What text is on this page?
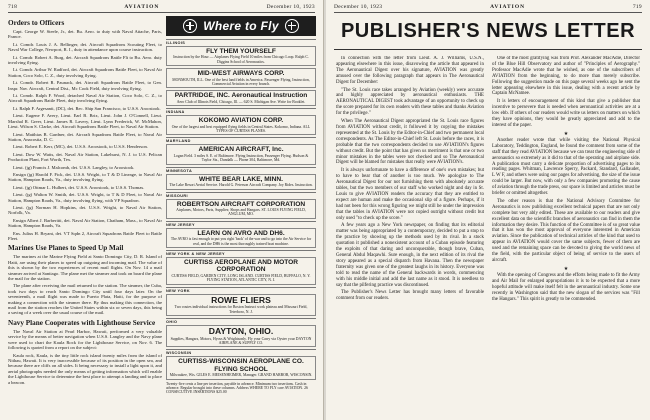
718	AVIATION	December 10, 1923
Orders to Officers

Capt. George W. Steele, Jr., det. Bu. Aero. to duty with Naval Attache, Paris, France.

Lt. Comdr. Louis J. A. Bellinger, det. Aircraft Squadrons Scouting Fleet, to Naval War College, Newport, R. I., duty in attendance upon course instruction.

Lt. Comdr. Robert A. Burg, det. Aircraft Squadrons Battle Flt to Bu. Aero. duty involving flying.

Lt. Comdr. Arthur W. Radford, det. Aircraft Squadrons Battle Fleet, to Naval Air Station, Coco Solo, C. Z., duty involving flying.

Lt. Comdr. Robert R. Paunack, det. Aircraft Squadrons Battle Fleet, to Gen. Inspr. Nav. Aircraft, Central Dist., Mc Cook Field, duty involving flying.

Lt. Comdr. Ralph F. Wood, detached Naval Air Station, Coco Solo, C. Z., to Aircraft Squadrons Battle Fleet, duty involving flying.

Lt. Ralph F. Argesanti, (DC), det. Rec. Ship San Francisco, to U.S.S. Aroostook.

Lieut. Eugene F. Avery, Lieut. Earl B. Brix, Lieut. John J. O'Connell, Lieut. Marshal R. Greer, Lieut. James R. Lavery, Lieut. Lynn Frederick, W. McMahon, Lieut. Wilson S. Clarke, det. Aircraft Squadrons Battle Fleet, to Naval Air Station.

Lieut. Matthias B. Gardner, det. Aircraft Squadrons Battle Fleet, to Naval Air Station, Anacostia, D. C.

Lieut. Robert E. Kerr, (MC), det. U.S.S. Aroostook, to U.S.S. Henderson.

Lieut. Dow W. Watts, det. Naval Air Station, Lakehurst, N. J. to U.S. Pelican Production Plant, Fort Worth, Tex.

Lieut. (jg) Francis J. Malcomb, det. U.S.S. Langley, to Aroostook.

Ensign (jg) Harold F. Fick, det. U.S.S. Wright, to T & D Lineage, to Naval Air Station, Hampton Roads, Va., duty involving flying.

Lieut. (jg) Ottmar L. Hulbert, det. U.S.S. Aroostook, to U.S.S. Thomas.

Lieut. (jg) Walton W. Smith, det. U.S.S. Wright, to T & D Fleet, to Naval Air Station, Hampton Roads, Va., duty involving flying, with VP Squadron.

Lieut. (jg) Norman H. Hopkins, det. U.S.S. Wright, to Naval Air Station, Norfolk, Va.

Ensign Albert J. Barberitti, det. Naval Air Station, Chatham, Mass., to Naval Air Station, Hampton Roads, Va.

Ens. Julius H. Bryant, det. VT Sqdn 2, Aircraft Squadrons Battle Fleet to Battle Fleet.

Marines Use Planes to Speed Up Mail

The marines at the Marine Flying Field at Santo Domingo City, D. R. Island of Haiti, are using their planes to speed up outgoing and incoming mail. The value of this is shown by the two experiences of recent mail flights. On Nov. 14 a mail steamer arrived at Santiago. The plane met the steamer and took on board the plane the mail for the station.

The plane after receiving the mail returned to the station. The steamer, the Cuba, took two days to reach Santo Domingo City until four days later. On the seventeenth, a mail flight was made to Puerto Plata, Haiti, for the purpose of making a connection with the steamer there. By thus making this connection, the mail from the station reaches the United States within six or seven days, this being a saving of a week over the usual course of the mail.

Navy Plane Cooperates with Lighthouse Service

The Naval Air Station at Pearl Harbor, Hawaii, performed a very valuable service by the means of better navigation when U.S.S. Langley and the Navy plane were used to chart the Kaula Rock for the Lighthouse Service, on Nov. 6. The following is quoted from a report on the subject:

Kaula rock, Kaula, is the tiny little rock island twenty miles from the island of Nithau, Hawaii. It is very inaccessible because of its position in the open sea, and because there are cliffs on all sides. It being necessary to install a light upon it, and aerial photographs needed the only means of getting information which will enable the Lighthouse Service to determine the best place to attempt a landing and to place a beacon.

Where to Fly
ILLINOIS
FLY THEM YOURSELF
Instruction by the Hour — Airplanes Flying Field 10 miles from Chicago Loop. Ralph C. Diggins School of Aeronautics.
MID-WEST AIRWAYS CORP.
MONMOUTH, ILL. One of the best land fields in America. Passenger Flying, Instruction, Commercial Aviation in every branch.
PARTRIDGE, INC. Aeronautical Instruction
Aero Club of Illinois Field, Chicago, Ill. — 620 S. Michigan Ave. Write for Booklet.
INDIANA
KOKOMO AVIATION CORP.
One of the largest and best equipped flying fields in Central States. Kokomo, Indiana. ALL TYPES OF CURTISS PLANES.
MARYLAND
AMERICAN AIRCRAFT, Inc.
Logan Field. 3 miles S. E. of Baltimore. Flying Instruction, Passenger Flying. Hudson & Taylor Sts., Dundalk — Phone 304, Baltimore, Md.
MINNESOTA
WHITE BEAR LAKE, MINN.
The Lake Resort Aerial Service. Harold G. Peterson Aircraft Company. Joy Rides. Instruction.
MISSOURI
ROBERTSON AIRCRAFT CORPORATION
Airplanes, Motors, Parts, Supplies; Shops and Hangars. ST. LOUIS FLYING FIELD, ANGLUM, MO.
NEW JERSEY
LEARN ON AVRO AND DH6.
The AVRO is fast enough to put you right 'back' of the war and to go into the Air Service for real, and the DH6 is the most thoroughly trained boat machine.
NEW YORK & NEW JERSEY
CURTISS AEROPLANE AND MOTOR CORPORATION
CURTISS FIELD, GARDEN CITY, LONG ISLAND. CURTISS FIELD, BUFFALO, N. Y. FLYING STATION, ATLANTIC CITY, N. J.
NEW YORK
ROWE FLIERS
Two routes individual instructions for Boston Instruct work plateau and Missouri Field, Teterboro, N. J.
OHIO
DAYTON, OHIO.
Supplies, Hangars, Motors, Hyoss & Wrightsonly. Fly your Carry via Oyster your DAYTON AIRPLANE & SUPPLY CO.
WISCONSIN
CURTISS-WISCONSIN AEROPLANE CO. FLYING SCHOOL
Milwaukee, Wis. GILES E. MEISENHEIMER, Manager. GRAND HARBOR, WISCONSIN.
Twenty-five cents a line per insertion, payable in advance. Minimum two insertions. Cash in advance. Regular brought into these columns. Address WHERE TO FLY care AVIATION. 26 CONSECUTIVE INSERTIONS $25.00
December 10, 1923	AVIATION	719
PUBLISHER'S NEWS LETTER

In connection with the letter from Lieut. A. J. Williams, U.S.N., appearing elsewhere in this issue, disavowing the article that appeared in The Aeronautical Digest over his signature, AVIATION was greatly amused over the following paragraph that appears in The Aeronautical Digest for December:

"The St. Louis race takes arranged by Aviation (weekly) were accurate and highly appreciated by aeronautical enthusiasts. THE AERONAUTICAL DIGEST took advantage of an opportunity to check up the score prepared for its own readers with these tables and thanks Aviation for the privilege."

When The Aeronautical Digest appropriated the St. Louis race figures from AVIATION without credit, it followed it by copying the mistakes represented at the St. Louis by the Editor-in-Chief and two permanent local correspondents. As The Editor-in-Chief left St. Louis before the races, it is probable that the two correspondents decided to use AVIATION's figures without credit. But the point that has given us merriment is that one or two minor mistakes in the tables were not checked and so The Aeronautical Digest will be blamed for mistakes that really were AVIATION's.

It is always unfortunate to have a difference of one's own mistakes; but to have to bear that of another is too much. We apologize to The Aeronautical Digest for our not furnishing them with absolutely accurate tables, but the two members of our staff who worked night and day in St. Louis to give AVIATION readers the accuracy that they are entitled to expect are human and make the occasional slip of a figure. Perhaps, if it had not been for this wrong figuring we might still be under the impression that the tables in AVIATION were not copied outright without credit but only used "to check up the score."

A few years ago a New York newspaper, on finding that its editorial matter was being appropriated by a contemporary, decided to put a stop to the practice by showing up the methods used by its rival. In a stock quotation it published a nonexistent account of a Cuban episode featuring the exploits of that daring and unconquerable, though brave, Cuban, General Abdul Maqawhi. Sure enough, in the next edition of its rival the story appeared as a special dispatch from Havana. Then the newspaper fraternity was given one of the greatest laughs in its history. Everyone was told to read the name of the General backwards in words, commencing with his middle initial and add the last name as it stood. It is needless to say that the pilfering practice was discontinued.

The Publisher's News Letter has brought many letters of favorable comment from our readers.

One of the most gratifying was from Prof. Alexander MacAdie, Director of the Blue Hill Observatory and author of "Principles of Aerography." Professor MacAdie wrote that he wished, as one of the subscribers of AVIATION from the beginning, to do more than merely subscribe. Following the suggestion made on this page several weeks ago he sent the letter appearing elsewhere in this issue, dealing with a recent article by Captain McNamee.

It is letters of encouragement of this kind that give a publisher that incentive to persevere that is needed when aeronautical activities are at a low ebb. If others of our readers would write us letters on matters on which they have opinions, they would be greatly appreciated and add to the interest of the paper.

★

Another reader wrote that while visiting the National Physical Laboratory, Teddington, England, he found the comment from some of the staff that they read AVIATION because we can treat the engineering side of aeronautics so extremely as it did to that of the operating and airplane side. A publication must carry a delicate proportion of advertising pages to its reading pages. Whitman, Lawrence Sperry, Packard, Standard, Gallaudet, L W F, and others were using our pages for advertising, the size of the issue could be larger. But now, with only a few companies promoting the cause of aviation through the trade press, our space is limited and articles must be briefer or omitted altogether.

The other reason is that the National Advisory Committee for Aeronautics is now publishing excellent technical papers that are not only complete but very ably edited. These are available to our readers and give excellent data on the scientific branches of aeronautics can find in them the information they desire. This function of the Committee is of so great value that it has won the most approval of everyone interested in American aviation. Since the publication of technical articles of the kind that used to appear in AVIATION would cover the same subjects, fewer of them are used and the remaining space can be devoted to giving the world news of the field, with the particular object of being of service to the users of aircraft.

★

With the opening of Congress and the efforts being made to fit the Army and Air Mail for enlarged appropriations it is to be expected that a more hopeful attitude will make itself felt in the aeronautical industry. Some one recently in Washington said that the new slogan of the services was "Fill the Hangars." This spirit is greatly to be commended.
